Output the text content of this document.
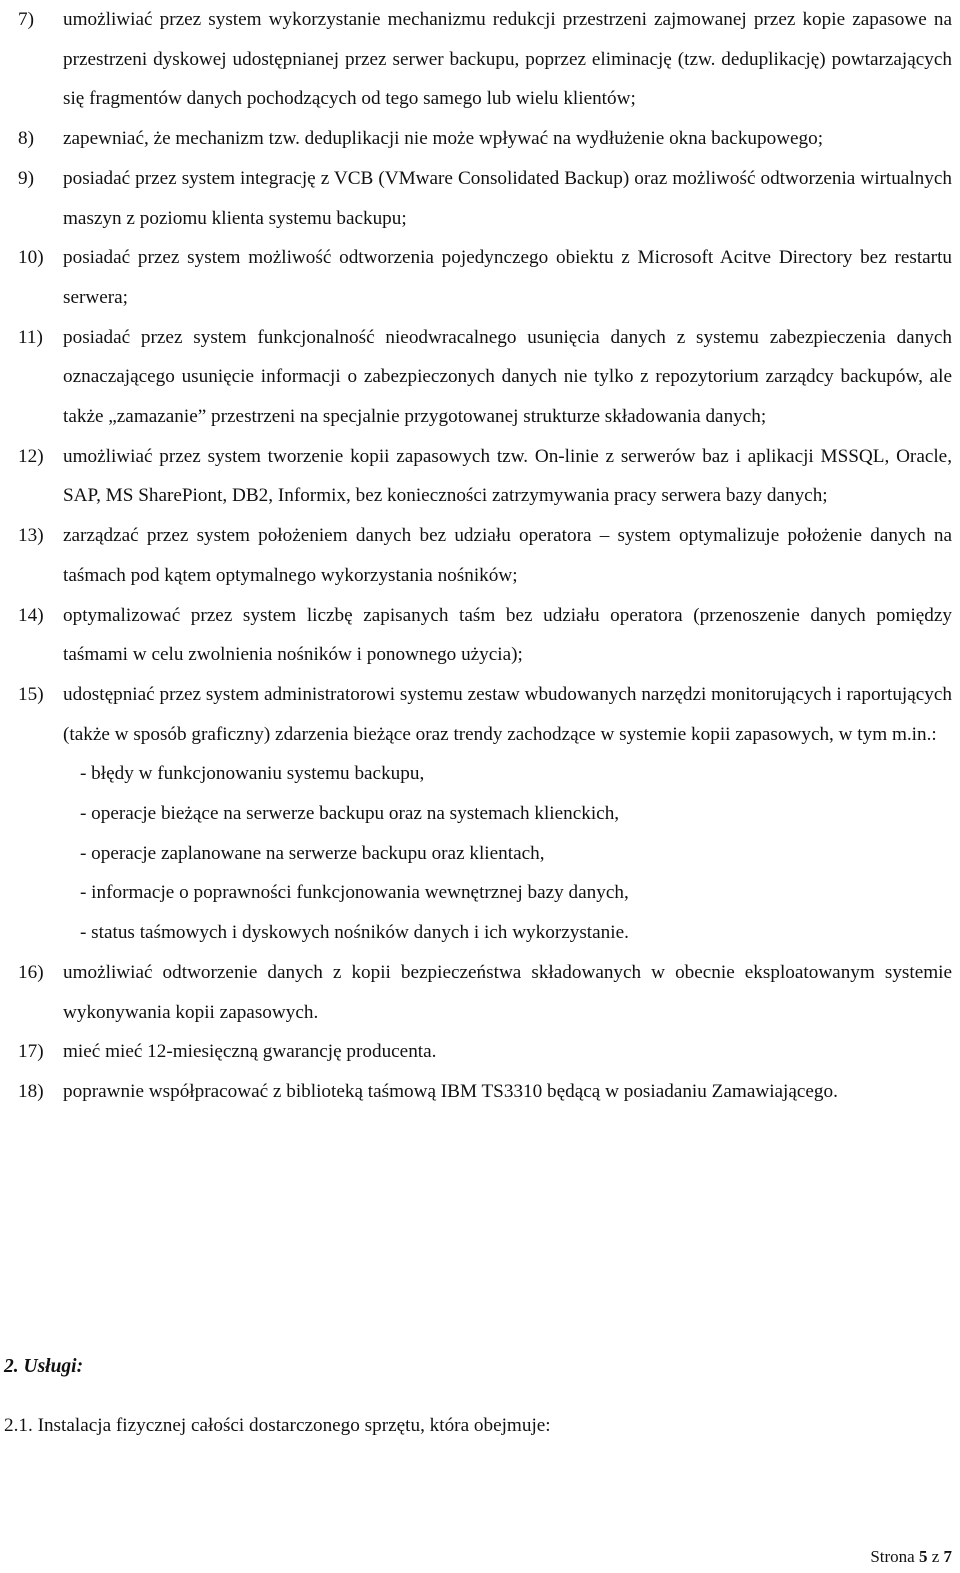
7) umożliwiać przez system wykorzystanie mechanizmu redukcji przestrzeni zajmowanej przez kopie zapasowe na przestrzeni dyskowej udostępnianej przez serwer backupu, poprzez eliminację (tzw. deduplikację) powtarzających się fragmentów danych pochodzących od tego samego lub wielu klientów;
8) zapewniać, że mechanizm tzw. deduplikacji nie może wpływać na wydłużenie okna backupowego;
9) posiadać przez system integrację z VCB (VMware Consolidated Backup) oraz możliwość odtworzenia wirtualnych maszyn z poziomu klienta systemu backupu;
10) posiadać przez system możliwość odtworzenia pojedynczego obiektu z Microsoft Acitve Directory bez restartu serwera;
11) posiadać przez system funkcjonalność nieodwracalnego usunięcia danych z systemu zabezpieczenia danych oznaczającego usunięcie informacji o zabezpieczonych danych nie tylko z repozytorium zarządcy backupów, ale także „zamazanie” przestrzeni na specjalnie przygotowanej strukturze składowania danych;
12) umożliwiać przez system tworzenie kopii zapasowych tzw. On-linie z serwerów baz i aplikacji MSSQL, Oracle, SAP, MS SharePiont, DB2, Informix, bez konieczności zatrzymywania pracy serwera bazy danych;
13) zarządzać przez system położeniem danych bez udziału operatora – system optymalizuje położenie danych na taśmach pod kątem optymalnego wykorzystania nośników;
14) optymalizować przez system liczbę zapisanych taśm bez udziału operatora (przenoszenie danych pomiędzy taśmami w celu zwolnienia nośników i ponownego użycia);
15) udostępniać przez system administratorowi systemu zestaw wbudowanych narzędzi monitorujących i raportujących (także w sposób graficzny) zdarzenia bieżące oraz trendy zachodzące w systemie kopii zapasowych, w tym m.in.:
- błędy w funkcjonowaniu systemu backupu,
- operacje bieżące na serwerze backupu oraz na systemach klienckich,
- operacje zaplanowane na serwerze backupu oraz klientach,
- informacje o poprawności funkcjonowania wewnętrznej bazy danych,
- status taśmowych i dyskowych nośników danych i ich wykorzystanie.
16) umożliwiać odtworzenie danych z kopii bezpieczeństwa składowanych w obecnie eksploatowanym systemie wykonywania kopii zapasowych.
17) mieć mieć 12-miesięczną gwarancję producenta.
18) poprawnie współpracować z biblioteką taśmową IBM TS3310 będącą w posiadaniu Zamawiającego.
2. Usługi:
2.1. Instalacja fizycznej całości dostarczonego sprzętu, która obejmuje:
Strona 5 z 7
